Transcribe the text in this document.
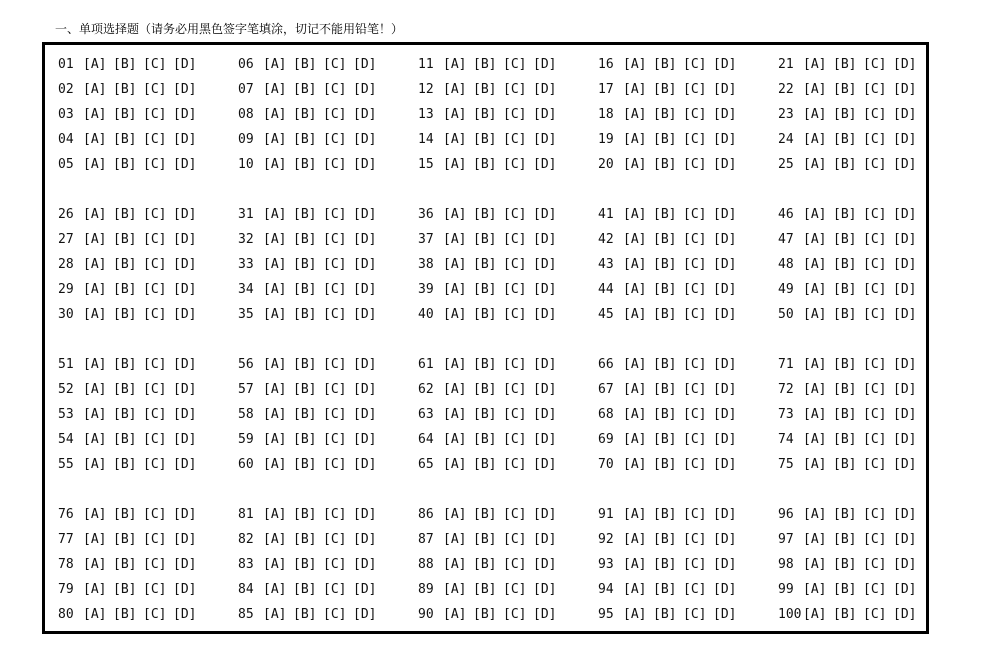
一、单项选择题（请务必用黑色签字笔填涂，切记不能用铅笔！）
01 [A] [B] [C] [D]
02 [A] [B] [C] [D]
03 [A] [B] [C] [D]
04 [A] [B] [C] [D]
05 [A] [B] [C] [D]
06 [A] [B] [C] [D]
07 [A] [B] [C] [D]
08 [A] [B] [C] [D]
09 [A] [B] [C] [D]
10 [A] [B] [C] [D]
11 [A] [B] [C] [D]
12 [A] [B] [C] [D]
13 [A] [B] [C] [D]
14 [A] [B] [C] [D]
15 [A] [B] [C] [D]
16 [A] [B] [C] [D]
17 [A] [B] [C] [D]
18 [A] [B] [C] [D]
19 [A] [B] [C] [D]
20 [A] [B] [C] [D]
21 [A] [B] [C] [D]
22 [A] [B] [C] [D]
23 [A] [B] [C] [D]
24 [A] [B] [C] [D]
25 [A] [B] [C] [D]
26 [A] [B] [C] [D]
27 [A] [B] [C] [D]
28 [A] [B] [C] [D]
29 [A] [B] [C] [D]
30 [A] [B] [C] [D]
31 [A] [B] [C] [D]
32 [A] [B] [C] [D]
33 [A] [B] [C] [D]
34 [A] [B] [C] [D]
35 [A] [B] [C] [D]
36 [A] [B] [C] [D]
37 [A] [B] [C] [D]
38 [A] [B] [C] [D]
39 [A] [B] [C] [D]
40 [A] [B] [C] [D]
41 [A] [B] [C] [D]
42 [A] [B] [C] [D]
43 [A] [B] [C] [D]
44 [A] [B] [C] [D]
45 [A] [B] [C] [D]
46 [A] [B] [C] [D]
47 [A] [B] [C] [D]
48 [A] [B] [C] [D]
49 [A] [B] [C] [D]
50 [A] [B] [C] [D]
51 [A] [B] [C] [D]
52 [A] [B] [C] [D]
53 [A] [B] [C] [D]
54 [A] [B] [C] [D]
55 [A] [B] [C] [D]
56 [A] [B] [C] [D]
57 [A] [B] [C] [D]
58 [A] [B] [C] [D]
59 [A] [B] [C] [D]
60 [A] [B] [C] [D]
61 [A] [B] [C] [D]
62 [A] [B] [C] [D]
63 [A] [B] [C] [D]
64 [A] [B] [C] [D]
65 [A] [B] [C] [D]
66 [A] [B] [C] [D]
67 [A] [B] [C] [D]
68 [A] [B] [C] [D]
69 [A] [B] [C] [D]
70 [A] [B] [C] [D]
71 [A] [B] [C] [D]
72 [A] [B] [C] [D]
73 [A] [B] [C] [D]
74 [A] [B] [C] [D]
75 [A] [B] [C] [D]
76 [A] [B] [C] [D]
77 [A] [B] [C] [D]
78 [A] [B] [C] [D]
79 [A] [B] [C] [D]
80 [A] [B] [C] [D]
81 [A] [B] [C] [D]
82 [A] [B] [C] [D]
83 [A] [B] [C] [D]
84 [A] [B] [C] [D]
85 [A] [B] [C] [D]
86 [A] [B] [C] [D]
87 [A] [B] [C] [D]
88 [A] [B] [C] [D]
89 [A] [B] [C] [D]
90 [A] [B] [C] [D]
91 [A] [B] [C] [D]
92 [A] [B] [C] [D]
93 [A] [B] [C] [D]
94 [A] [B] [C] [D]
95 [A] [B] [C] [D]
96 [A] [B] [C] [D]
97 [A] [B] [C] [D]
98 [A] [B] [C] [D]
99 [A] [B] [C] [D]
100 [A] [B] [C] [D]
